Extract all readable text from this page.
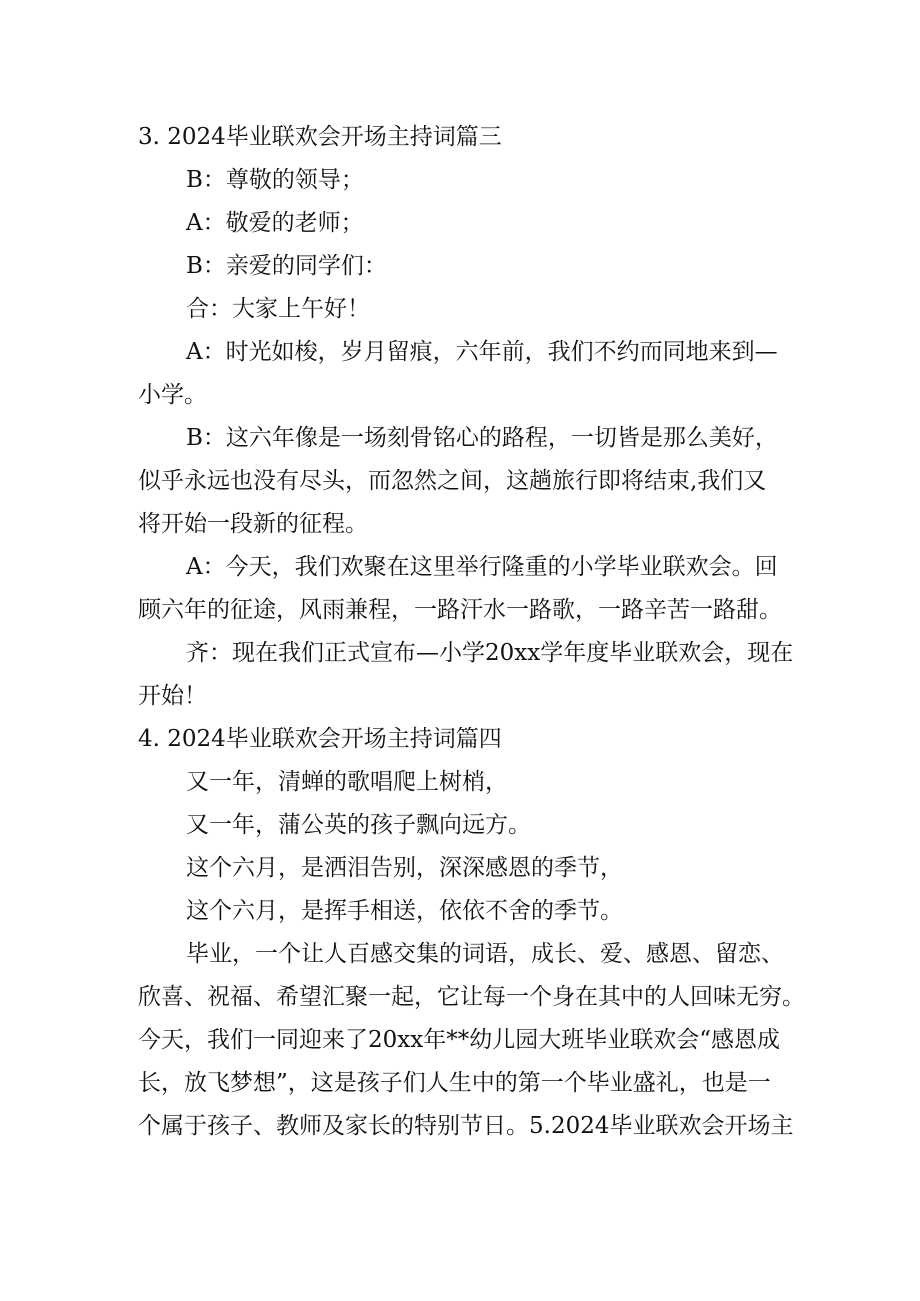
3. 2024毕业联欢会开场主持词篇三

B：尊敬的领导；

A：敬爱的老师；

B：亲爱的同学们：

合：大家上午好！

A：时光如梭，岁月留痕，六年前，我们不约而同地来到—

小学。

B：这六年像是一场刻骨铭心的路程，一切皆是那么美好，

似乎永远也没有尽头，而忽然之间，这趟旅行即将结束,我们又

将开始一段新的征程。

A：今天，我们欢聚在这里举行隆重的小学毕业联欢会。回

顾六年的征途，风雨兼程，一路汗水一路歌，一路辛苦一路甜。

齐：现在我们正式宣布—小学20xx学年度毕业联欢会，现在

开始！

4. 2024毕业联欢会开场主持词篇四

又一年，清蝉的歌唱爬上树梢，

又一年，蒲公英的孩子飘向远方。

这个六月，是洒泪告别，深深感恩的季节，

这个六月，是挥手相送，依依不舍的季节。

毕业，一个让人百感交集的词语，成长、爱、感恩、留恋、

欣喜、祝福、希望汇聚一起，它让每一个身在其中的人回味无穷。

今天，我们一同迎来了20xx年**幼儿园大班毕业联欢会“感恩成

长，放飞梦想”，这是孩子们人生中的第一个毕业盛礼，也是一

个属于孩子、教师及家长的特别节日。5.2024毕业联欢会开场主
